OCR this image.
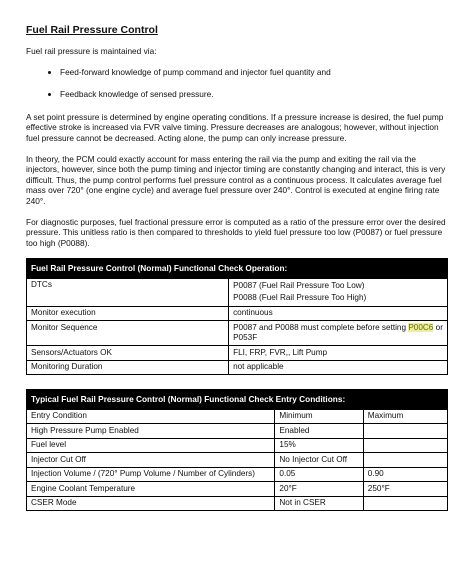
Fuel Rail Pressure Control

Fuel rail pressure is maintained via:

• Feed-forward knowledge of pump command and injector fuel quantity and
• Feedback knowledge of sensed pressure.

A set point pressure is determined by engine operating conditions. If a pressure increase is desired, the fuel pump effective stroke is increased via FVR valve timing. Pressure decreases are analogous; however, without injection fuel pressure cannot be decreased. Acting alone, the pump can only increase pressure.

In theory, the PCM could exactly account for mass entering the rail via the pump and exiting the rail via the injectors, however, since both the pump timing and injector timing are constantly changing and interact, this is very difficult. Thus, the pump control performs fuel pressure control as a continuous process. It calculates average fuel mass over 720° (one engine cycle) and average fuel pressure over 240°. Control is executed at engine firing rate 240°.

For diagnostic purposes, fuel fractional pressure error is computed as a ratio of the pressure error over the desired pressure. This unitless ratio is then compared to thresholds to yield fuel pressure too low (P0087) or fuel pressure too high (P0088).

Fuel Rail Pressure Control (Normal) Functional Check Operation:	
DTCs	P0087 (Fuel Rail Pressure Too Low)
P0088 (Fuel Rail Pressure Too High)

Monitor execution	continuous
Monitor Sequence	P0087 and P0088 must complete before setting P00C6 or P053F
Sensors/Actuators OK	FLI, FRP, FVR,, Lift Pump
Monitoring Duration	not applicable
Typical Fuel Rail Pressure Control (Normal) Functional Check Entry Conditions:		
Entry Condition	Minimum	Maximum
High Pressure Pump Enabled	Enabled	
Fuel level	15%	
Injector Cut Off	No Injector Cut Off	
Injection Volume / (720° Pump Volume / Number of Cylinders)	0.05	0.90
Engine Coolant Temperature	20°F	250°F
CSER Mode	Not in CSER	
